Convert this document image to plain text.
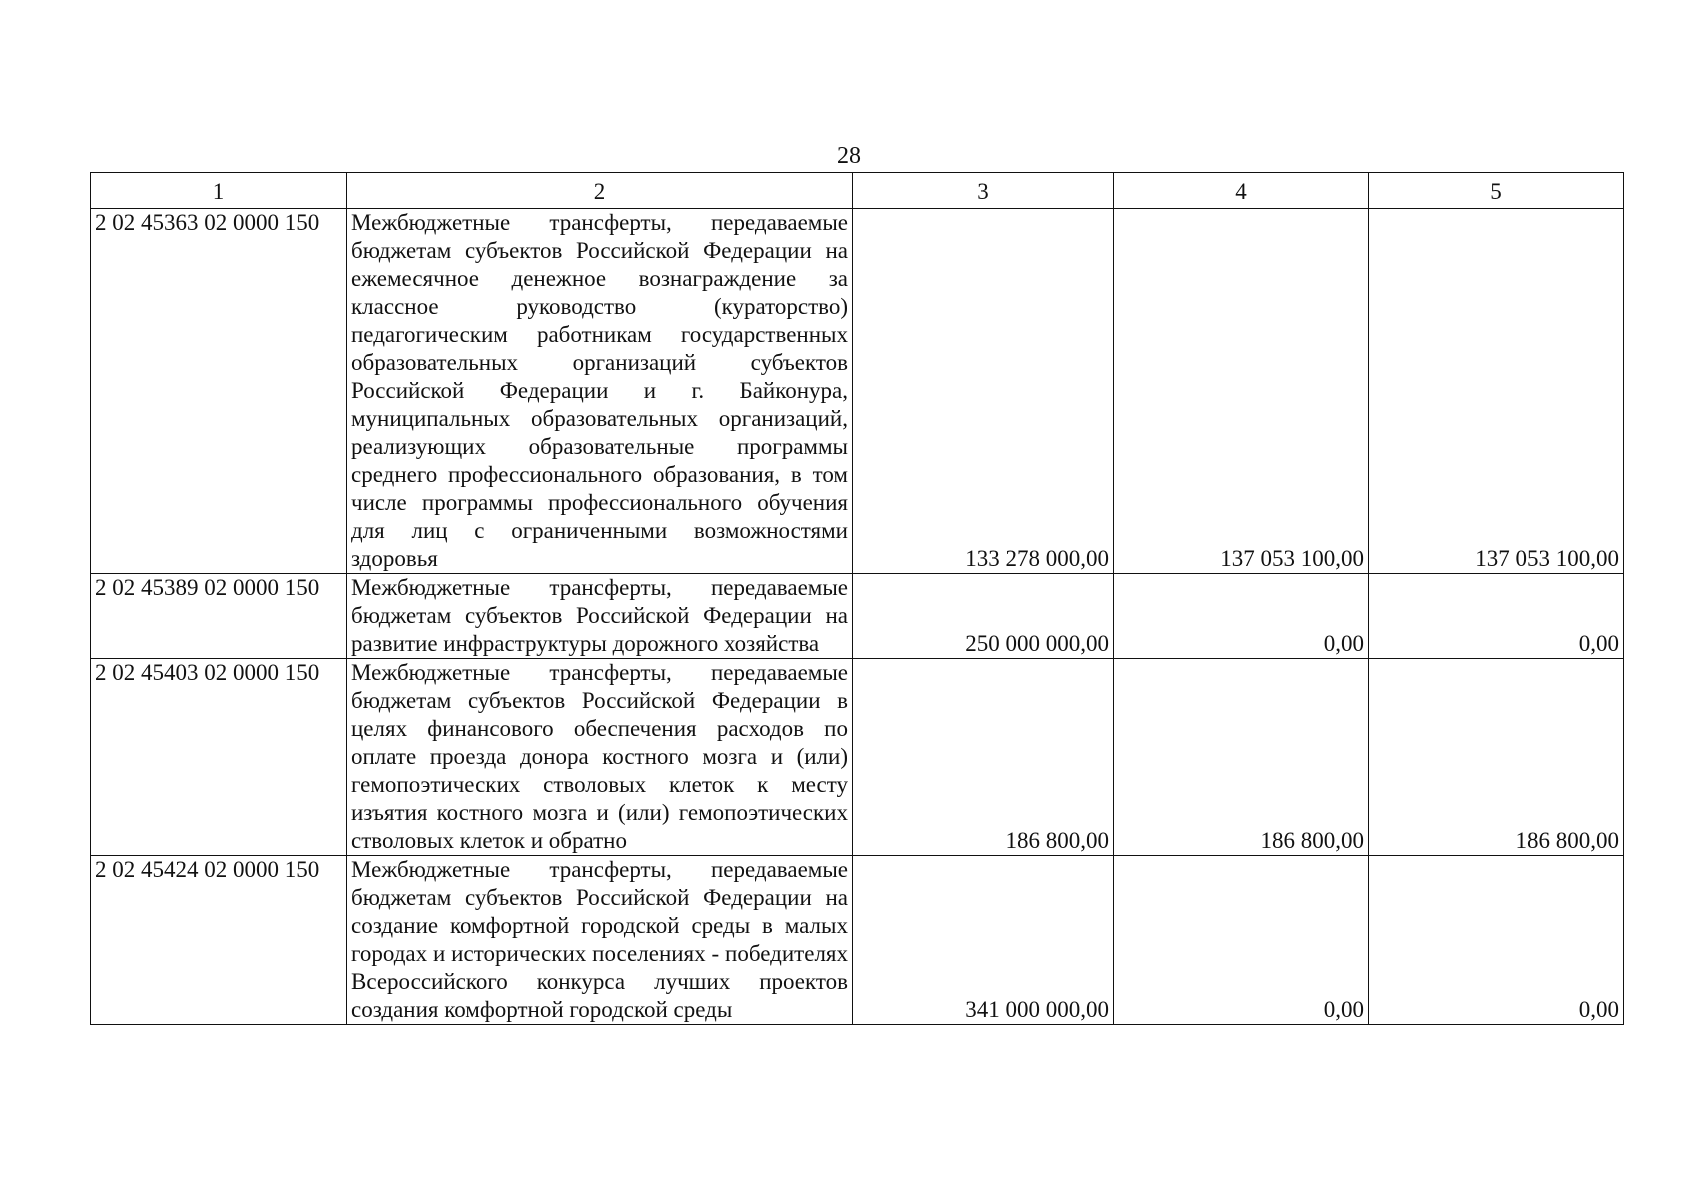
28
1	2	3	4	5
2 02 45363 02 0000 150	Межбюджетные трансферты, передаваемые бюджетам субъектов Российской Федерации на ежемесячное денежное вознаграждение за классное руководство (кураторство) педагогическим работникам государственных образовательных организаций субъектов Российской Федерации и г. Байконура, муниципальных образовательных организаций, реализующих образовательные программы среднего профессионального образования, в том числе программы профессионального обучения для лиц с ограниченными возможностями здоровья	133 278 000,00	137 053 100,00	137 053 100,00
2 02 45389 02 0000 150	Межбюджетные трансферты, передаваемые бюджетам субъектов Российской Федерации на развитие инфраструктуры дорожного хозяйства	250 000 000,00	0,00	0,00
2 02 45403 02 0000 150	Межбюджетные трансферты, передаваемые бюджетам субъектов Российской Федерации в целях финансового обеспечения расходов по оплате проезда донора костного мозга и (или) гемопоэтических стволовых клеток к месту изъятия костного мозга и (или) гемопоэтических стволовых клеток и обратно	186 800,00	186 800,00	186 800,00
2 02 45424 02 0000 150	Межбюджетные трансферты, передаваемые бюджетам субъектов Российской Федерации на создание комфортной городской среды в малых городах и исторических поселениях - победителях Всероссийского конкурса лучших проектов создания комфортной городской среды	341 000 000,00	0,00	0,00
